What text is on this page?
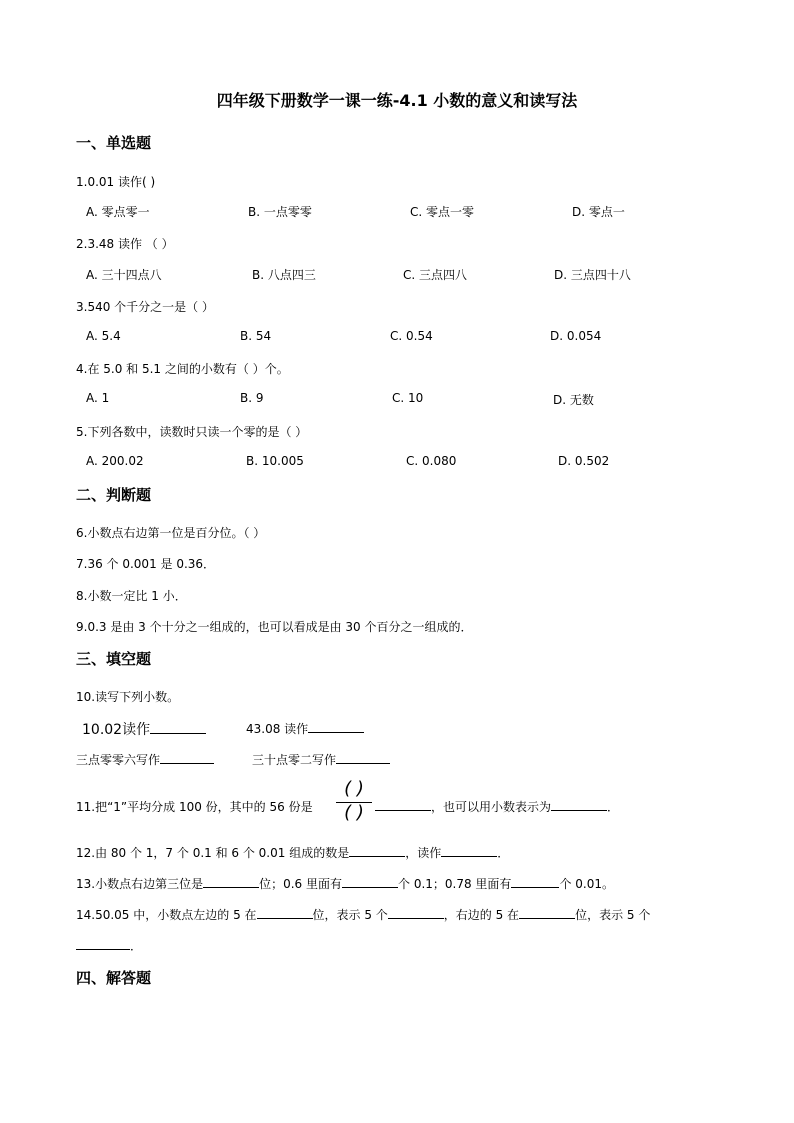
四年级下册数学一课一练-4.1 小数的意义和读写法
一、单选题
1.0.01 读作( )
A. 零点零一	B. 一点零零	C. 零点一零	D. 零点一
2.3.48 读作 （ ）
A. 三十四点八	B. 八点四三	C. 三点四八	D. 三点四十八
3.540 个千分之一是（ ）
A. 5.4	B. 54	C. 0.54	D. 0.054
4.在 5.0 和 5.1 之间的小数有（ ）个。
A. 1	B. 9	C. 10	D. 无数
5.下列各数中，读数时只读一个零的是（ ）
A. 200.02	B. 10.005	C. 0.080	D. 0.502
二、判断题
6.小数点右边第一位是百分位。（ ）
7.36 个 0.001 是 0.36．
8.小数一定比 1 小．
9.0.3 是由 3 个十分之一组成的，也可以看成是由 30 个百分之一组成的．
三、填空题
10.读写下列小数。
10.02读作	43.08 读作
三点零零六写作	三十点零二写作
11.把“1”平均分成 100 份，其中的 56 份是
( )
( )	，也可以用小数表示为	．
12.由 80 个 1，7 个 0.1 和 6 个 0.01 组成的数是	，读作	．
13.小数点右边第三位是	位；0.6 里面有	个 0.1；0.78 里面有	个 0.01。
14.50.05 中，小数点左边的 5 在	位，表示 5 个	，右边的 5 在	位，表示 5 个
．
四、解答题
